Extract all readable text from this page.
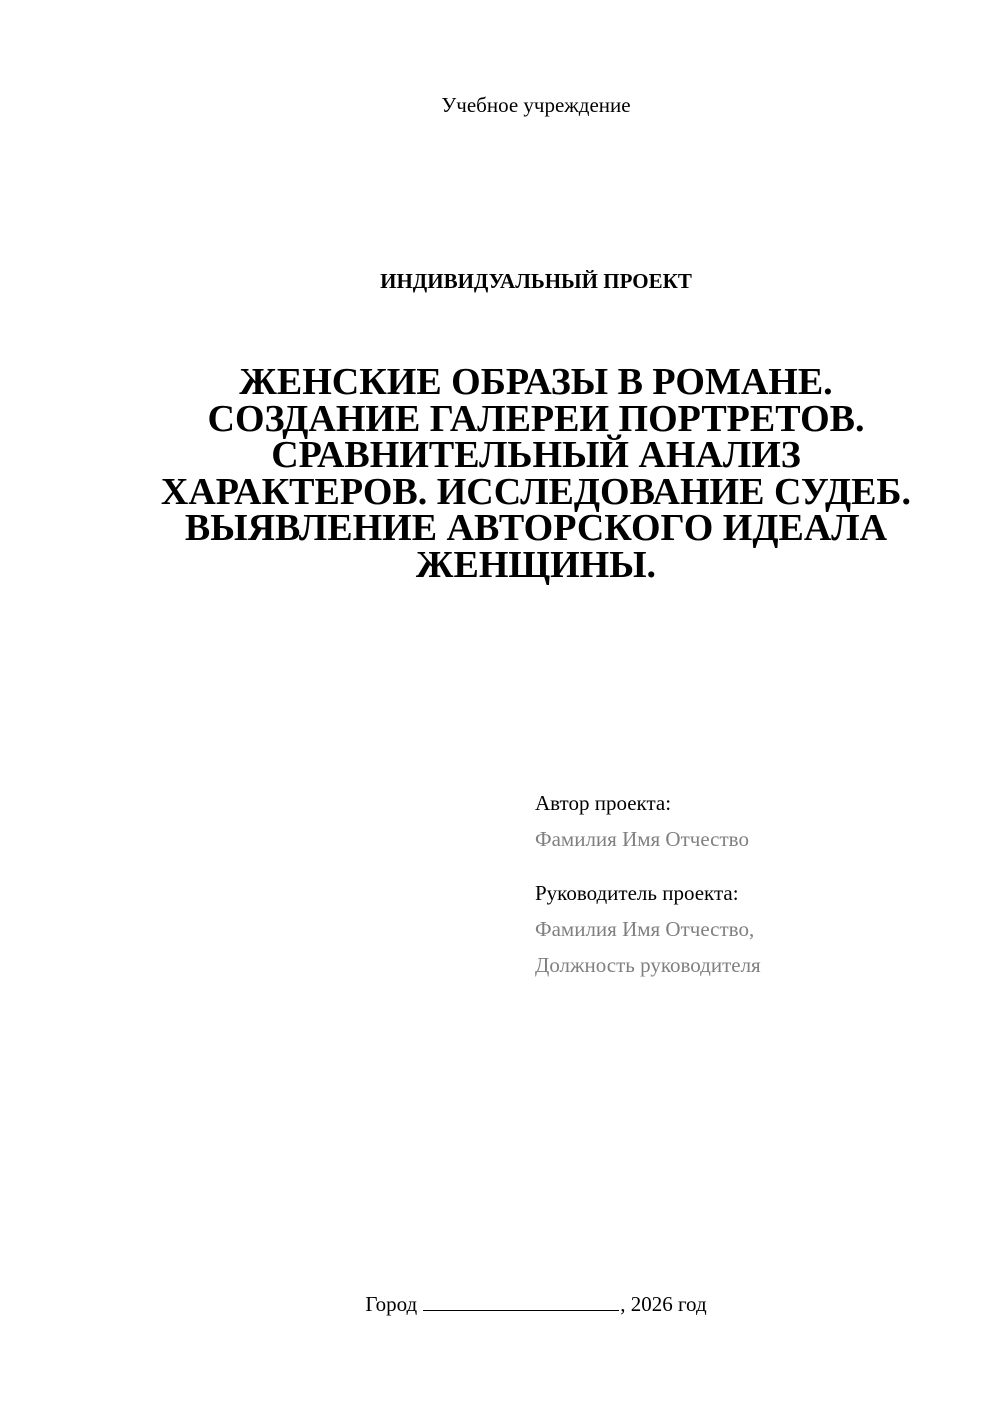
Учебное учреждение
ИНДИВИДУАЛЬНЫЙ ПРОЕКТ
ЖЕНСКИЕ ОБРАЗЫ В РОМАНЕ.
СОЗДАНИЕ ГАЛЕРЕИ ПОРТРЕТОВ.
СРАВНИТЕЛЬНЫЙ АНАЛИЗ
ХАРАКТЕРОВ. ИССЛЕДОВАНИЕ СУДЕБ.
ВЫЯВЛЕНИЕ АВТОРСКОГО ИДЕАЛА
ЖЕНЩИНЫ.
Автор проекта:
Фамилия Имя Отчество
Руководитель проекта:
Фамилия Имя Отчество,
Должность руководителя
Город	, 2026 год
